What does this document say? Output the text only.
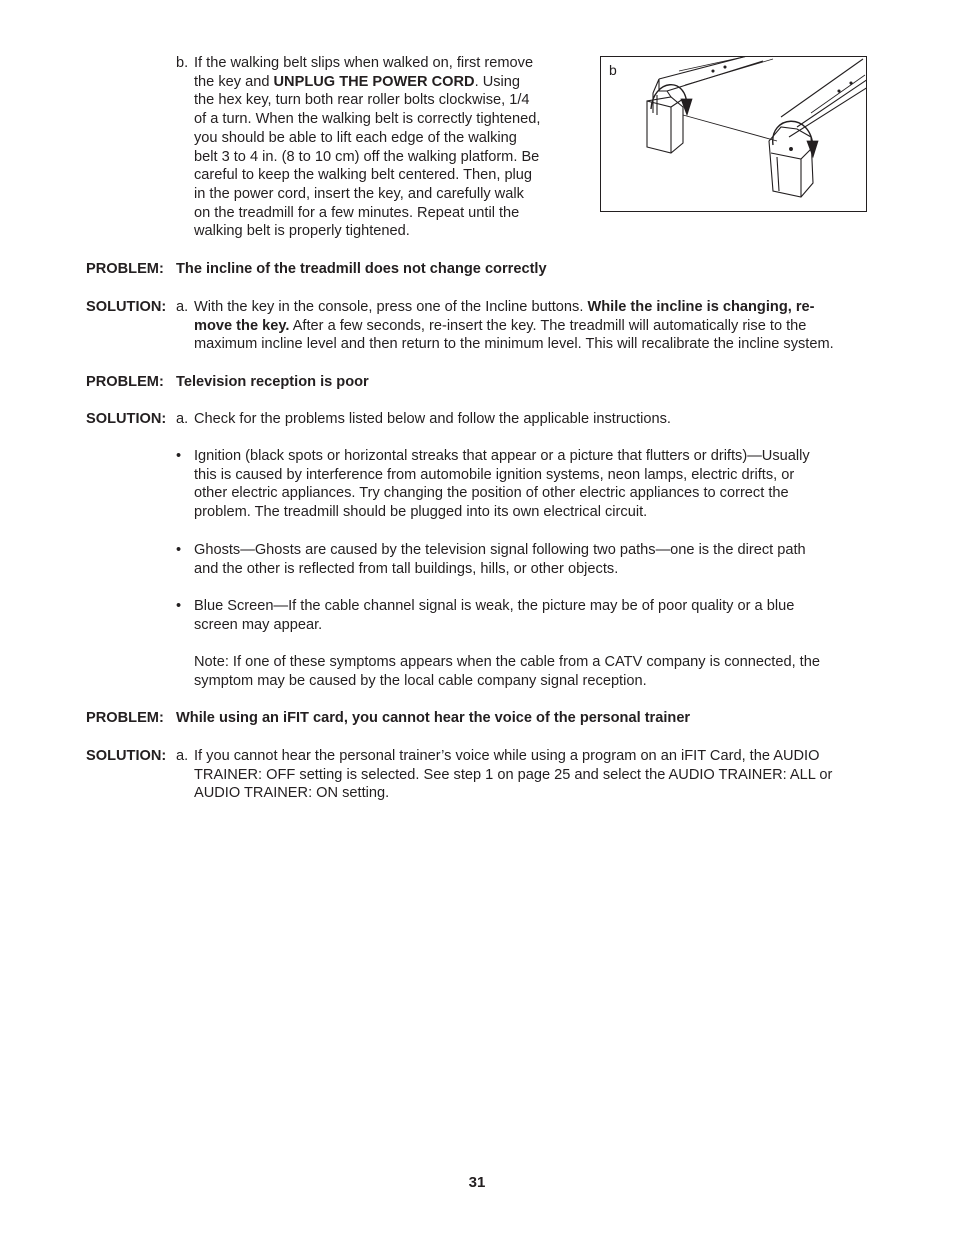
b. If the walking belt slips when walked on, first remove
the key and UNPLUG THE POWER CORD. Using
the hex key, turn both rear roller bolts clockwise, 1/4
of a turn. When the walking belt is correctly tightened,
you should be able to lift each edge of the walking
belt 3 to 4 in. (8 to 10 cm) off the walking platform. Be
careful to keep the walking belt centered. Then, plug
in the power cord, insert the key, and carefully walk
on the treadmill for a few minutes. Repeat until the
walking belt is properly tightened.
b
PROBLEM: The incline of the treadmill does not change correctly
SOLUTION: a. With the key in the console, press one of the Incline buttons. While the incline is changing, re-
move the key. After a few seconds, re-insert the key. The treadmill will automatically rise to the
maximum incline level and then return to the minimum level. This will recalibrate the incline system.
PROBLEM: Television reception is poor
SOLUTION: a. Check for the problems listed below and follow the applicable instructions.
• Ignition (black spots or horizontal streaks that appear or a picture that flutters or drifts)—Usually
this is caused by interference from automobile ignition systems, neon lamps, electric drifts, or
other electric appliances. Try changing the position of other electric appliances to correct the
problem. The treadmill should be plugged into its own electrical circuit.
• Ghosts—Ghosts are caused by the television signal following two paths—one is the direct path
and the other is reflected from tall buildings, hills, or other objects.
• Blue Screen—If the cable channel signal is weak, the picture may be of poor quality or a blue
screen may appear.
Note: If one of these symptoms appears when the cable from a CATV company is connected, the
symptom may be caused by the local cable company signal reception.
PROBLEM: While using an iFIT card, you cannot hear the voice of the personal trainer
SOLUTION: a. If you cannot hear the personal trainer’s voice while using a program on an iFIT Card, the AUDIO
TRAINER: OFF setting is selected. See step 1 on page 25 and select the AUDIO TRAINER: ALL or
AUDIO TRAINER: ON setting.
31
